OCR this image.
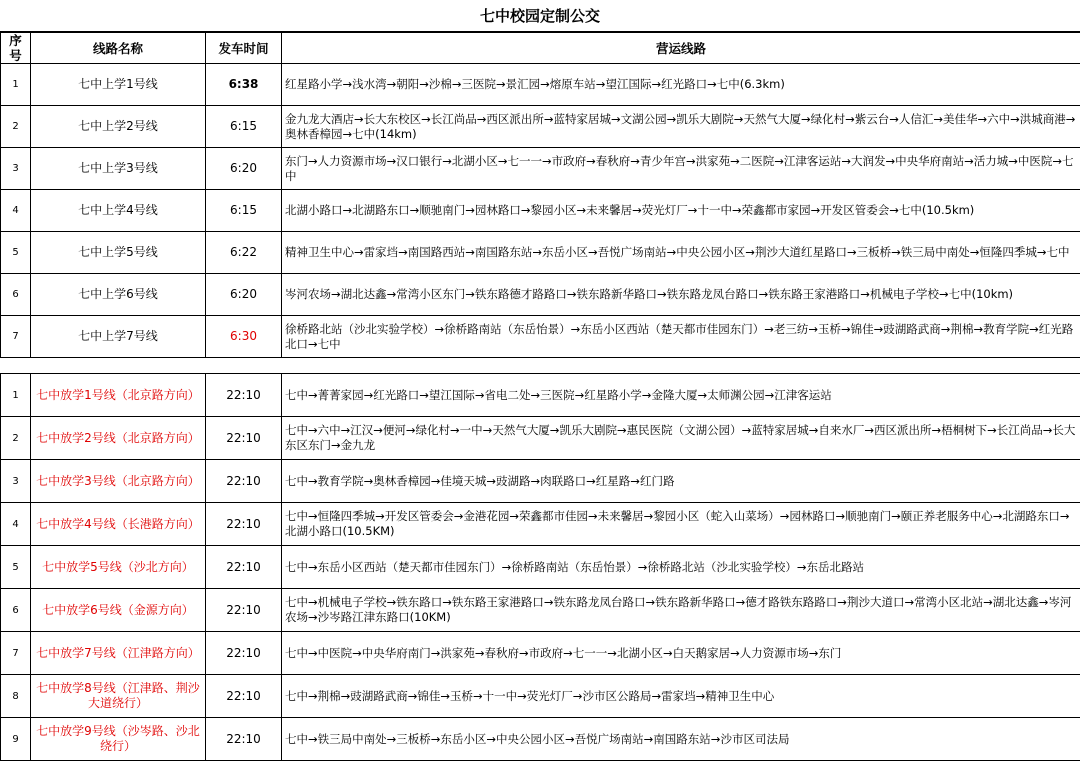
七中校园定制公交
序号	线路名称	发车时间	营运线路
1	七中上学1号线	6:38	红星路小学→浅水湾→朝阳→沙棉→三医院→景汇园→熔原车站→望江国际→红光路口→七中(6.3km)
2	七中上学2号线	6:15	金九龙大酒店→长大东校区→长江尚品→西区派出所→蓝特家居城→文湖公园→凯乐大剧院→天然气大厦→绿化村→紫云台→人信汇→美佳华→六中→洪城商港→奥林香樟园→七中(14km)
3	七中上学3号线	6:20	东门→人力资源市场→汉口银行→北湖小区→七一一→市政府→春秋府→青少年宫→洪家苑→二医院→江津客运站→大润发→中央华府南站→活力城→中医院→七中
4	七中上学4号线	6:15	北湖小路口→北湖路东口→顺驰南门→园林路口→黎园小区→未来馨居→荧光灯厂→十一中→荣鑫都市家园→开发区管委会→七中(10.5km)
5	七中上学5号线	6:22	精神卫生中心→雷家垱→南国路西站→南国路东站→东岳小区→吾悦广场南站→中央公园小区→荆沙大道红星路口→三板桥→铁三局中南处→恒隆四季城→七中
6	七中上学6号线	6:20	岑河农场→湖北达鑫→常湾小区东门→铁东路德才路路口→铁东路新华路口→铁东路龙凤台路口→铁东路王家港路口→机械电子学校→七中(10km)
7	七中上学7号线	6:30	徐桥路北站（沙北实验学校）→徐桥路南站（东岳怡景）→东岳小区西站（楚天都市佳园东门）→老三纺→玉桥→锦佳→豉湖路武商→荆棉→教育学院→红光路北口→七中
1	七中放学1号线（北京路方向）	22:10	七中→菁菁家园→红光路口→望江国际→省电二处→三医院→红星路小学→金隆大厦→太师渊公园→江津客运站
2	七中放学2号线（北京路方向）	22:10	七中→六中→江汉→便河→绿化村→一中→天然气大厦→凯乐大剧院→惠民医院（文湖公园）→蓝特家居城→自来水厂→西区派出所→梧桐树下→长江尚品→长大东区东门→金九龙
3	七中放学3号线（北京路方向）	22:10	七中→教育学院→奥林香樟园→佳境天城→豉湖路→肉联路口→红星路→红门路
4	七中放学4号线（长港路方向）	22:10	七中→恒隆四季城→开发区管委会→金港花园→荣鑫都市佳园→未来馨居→黎园小区（蛇入山菜场）→园林路口→顺驰南门→颐正养老服务中心→北湖路东口→北湖小路口(10.5KM)
5	七中放学5号线（沙北方向）	22:10	七中→东岳小区西站（楚天都市佳园东门）→徐桥路南站（东岳怡景）→徐桥路北站（沙北实验学校）→东岳北路站
6	七中放学6号线（金源方向）	22:10	七中→机械电子学校→铁东路口→铁东路王家港路口→铁东路龙凤台路口→铁东路新华路口→德才路铁东路路口→荆沙大道口→常湾小区北站→湖北达鑫→岑河农场→沙岑路江津东路口(10KM)
7	七中放学7号线（江津路方向）	22:10	七中→中医院→中央华府南门→洪家苑→春秋府→市政府→七一一→北湖小区→白天鹅家居→人力资源市场→东门
8	七中放学8号线（江津路、荆沙大道绕行）	22:10	七中→荆棉→豉湖路武商→锦佳→玉桥→十一中→荧光灯厂→沙市区公路局→雷家垱→精神卫生中心
9	七中放学9号线（沙岑路、沙北绕行）	22:10	七中→铁三局中南处→三板桥→东岳小区→中央公园小区→吾悦广场南站→南国路东站→沙市区司法局
